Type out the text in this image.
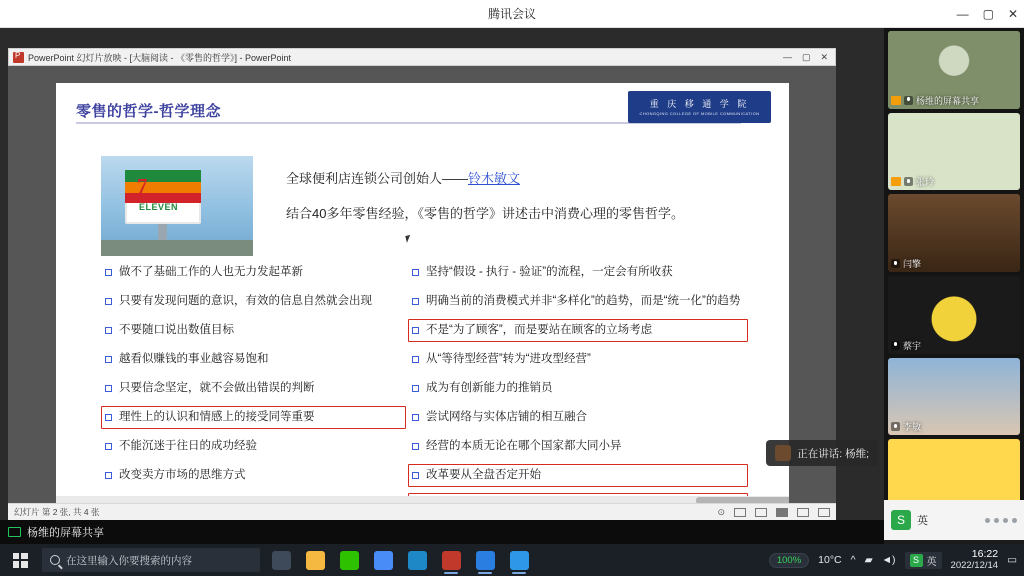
腾讯会议	— ▢ ✕
P
PowerPoint 幻灯片放映 - [大脑阅读 - 《零售的哲学》] - PowerPoint	— ▢ ✕
零售的哲学-哲学理念	重 庆 移 通 学 院
CHONGQING COLLEGE OF MOBILE COMMUNICATION
7
ELEVEN
全球便利店连锁公司创始人——铃木敏文
结合40多年零售经验，《零售的哲学》讲述击中消费心理的零售哲学。
做不了基础工作的人也无力发起革新
只要有发现问题的意识，有效的信息自然就会出现
不要随口说出数值目标
越看似赚钱的事业越容易饱和
只要信念坚定，就不会做出错误的判断
理性上的认识和情感上的接受同等重要
不能沉迷于往日的成功经验
改变卖方市场的思维方式
坚持“假设 - 执行 - 验证”的流程，一定会有所收获
明确当前的消费模式并非“多样化”的趋势，而是“统一化”的趋势
不是“为了顾客”，而是要站在顾客的立场考虑
从“等待型经营”转为“进攻型经营”
成为有创新能力的推销员
尝试网络与实体店铺的相互融合
经营的本质无论在哪个国家都大同小异
改革要从全盘否定开始
幻灯片 第 2 张, 共 4 张	⊙
杨维的屏幕共享
杨维的屏幕共享
张玲
闫擎
蔡宇
李敏
正在讲话: 杨维;
S	英
在这里输入你要搜索的内容	100% 10°C ^ ▰ ◄)	S 英
16:22
2022/12/14 ▭
